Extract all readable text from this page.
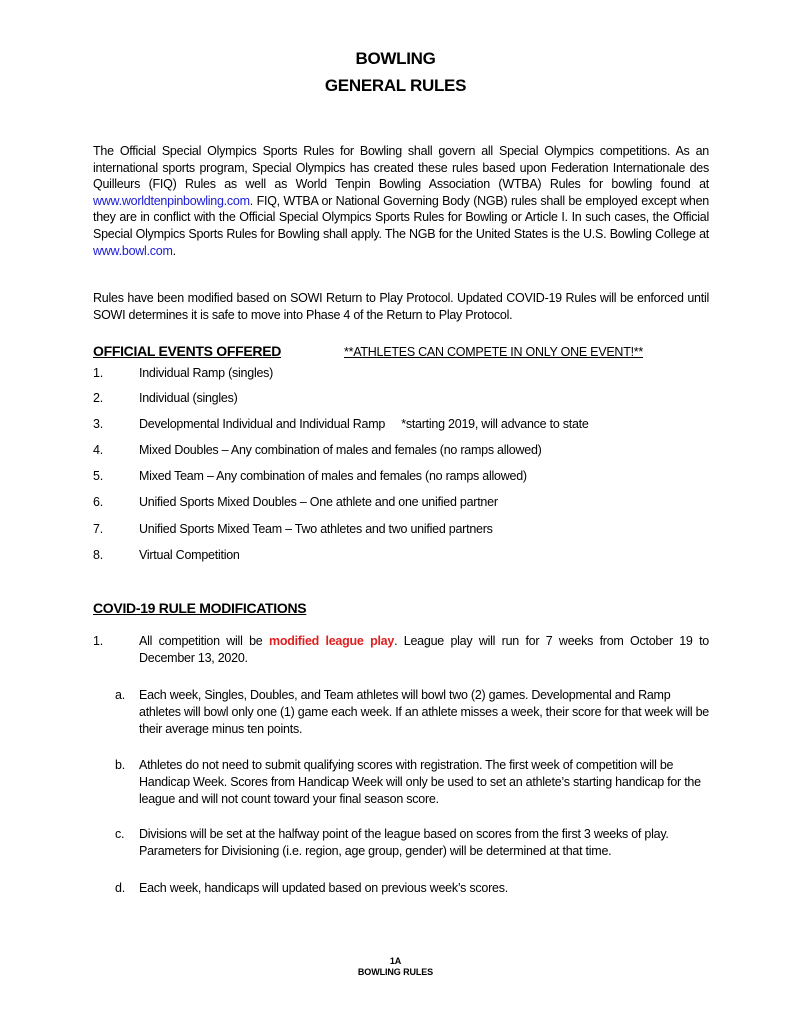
BOWLING
GENERAL RULES
The Official Special Olympics Sports Rules for Bowling shall govern all Special Olympics competitions. As an international sports program, Special Olympics has created these rules based upon Federation Internationale des Quilleurs (FIQ) Rules as well as World Tenpin Bowling Association (WTBA) Rules for bowling found at www.worldtenpinbowling.com. FIQ, WTBA or National Governing Body (NGB) rules shall be employed except when they are in conflict with the Official Special Olympics Sports Rules for Bowling or Article I. In such cases, the Official Special Olympics Sports Rules for Bowling shall apply. The NGB for the United States is the U.S. Bowling College at www.bowl.com.
Rules have been modified based on SOWI Return to Play Protocol. Updated COVID-19 Rules will be enforced until SOWI determines it is safe to move into Phase 4 of the Return to Play Protocol.
OFFICIAL EVENTS OFFERED	**ATHLETES CAN COMPETE IN ONLY ONE EVENT!**
1.	Individual Ramp (singles)
2.	Individual (singles)
3.	Developmental Individual and Individual Ramp     *starting 2019, will advance to state
4.	Mixed Doubles – Any combination of males and females (no ramps allowed)
5.	Mixed Team – Any combination of males and females (no ramps allowed)
6.	Unified Sports Mixed Doubles – One athlete and one unified partner
7.	Unified Sports Mixed Team – Two athletes and two unified partners
8.	Virtual Competition
COVID-19 RULE MODIFICATIONS
1.	All competition will be modified league play. League play will run for 7 weeks from October 19 to December 13, 2020.
a. Each week, Singles, Doubles, and Team athletes will bowl two (2) games. Developmental and Ramp athletes will bowl only one (1) game each week. If an athlete misses a week, their score for that week will be their average minus ten points.
b. Athletes do not need to submit qualifying scores with registration. The first week of competition will be Handicap Week. Scores from Handicap Week will only be used to set an athlete’s starting handicap for the league and will not count toward your final season score.
c. Divisions will be set at the halfway point of the league based on scores from the first 3 weeks of play. Parameters for Divisioning (i.e. region, age group, gender) will be determined at that time.
d. Each week, handicaps will updated based on previous week’s scores.
1A
BOWLING RULES
